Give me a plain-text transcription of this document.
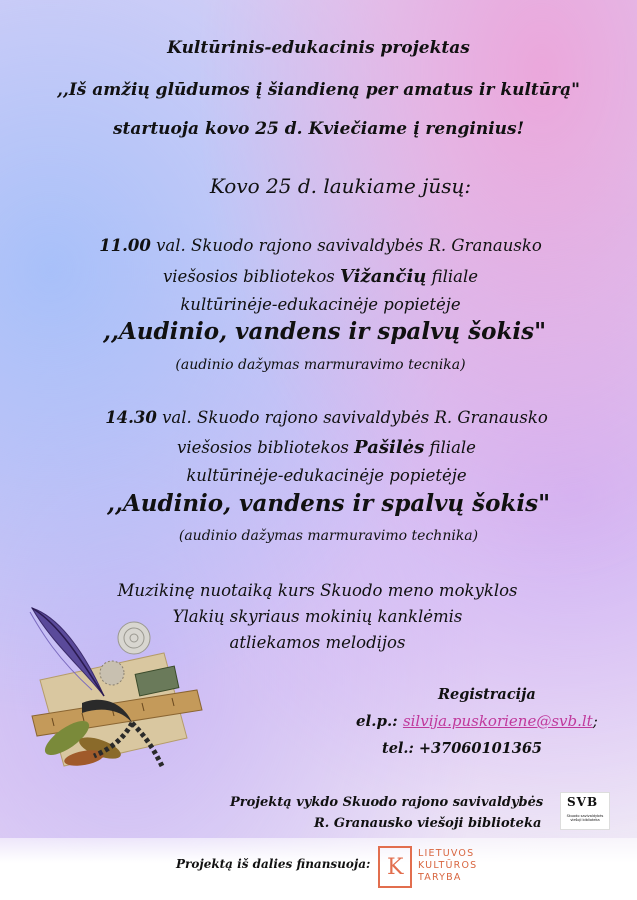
Kultūrinis-edukacinis projektas
,,Iš amžių glūdumos į šiandieną per amatus ir kultūrą"
startuoja kovo 25 d. Kviečiame į renginius!
Kovo 25 d. laukiame jūsų:
11.00 val. Skuodo rajono savivaldybės R. Granausko
viešosios bibliotekos Vižančių filiale
kultūrinėje-edukacinėje popietėje
,,Audinio, vandens ir spalvų šokis"
(audinio dažymas marmuravimo tecnika)
14.30 val. Skuodo rajono savivaldybės R. Granausko
viešosios bibliotekos Pašilės filiale
kultūrinėje-edukacinėje popietėje
,,Audinio, vandens ir spalvų šokis"
(audinio dažymas marmuravimo technika)
Muzikinę nuotaiką kurs Skuodo meno mokyklos
Ylakių skyriaus mokinių kanklėmis
atliekamos melodijos
Registracija
el.p.: silvija.puskoriene@svb.lt;
tel.: +37060101365
Projektą vykdo Skuodo rajono savivaldybės
R. Granausko viešoji biblioteka
SVB
Skuodo savivaldybės viešoji biblioteka
Projektą iš dalies finansuoja: K
LIETUVOS
KULTŪROS
TARYBA
